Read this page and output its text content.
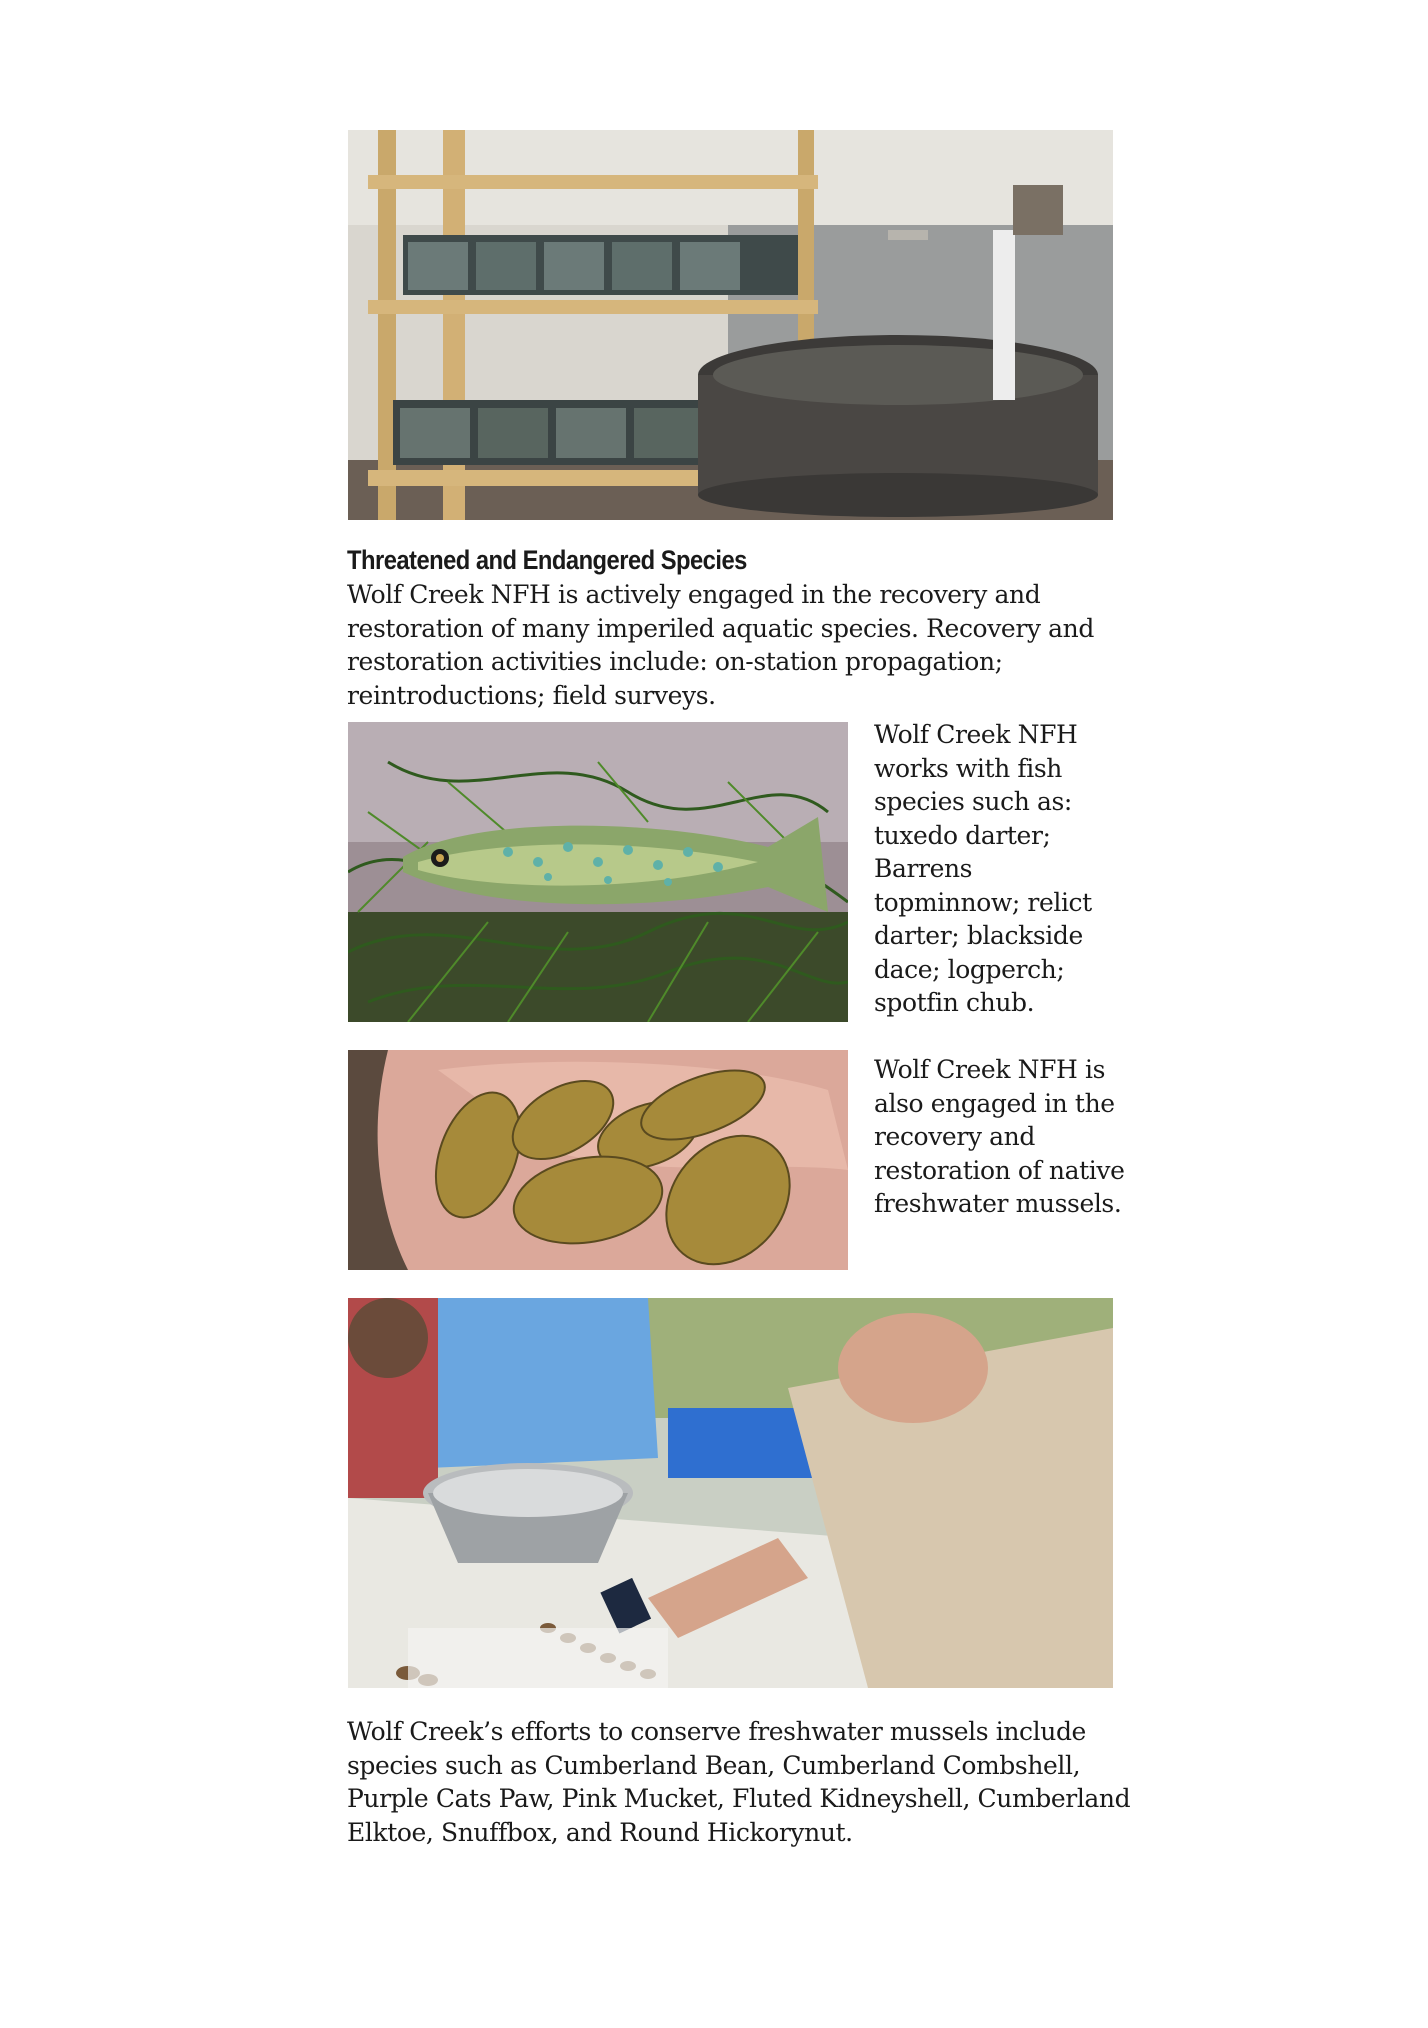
Threatened and Endangered Species

Wolf Creek NFH is actively engaged in the recovery and restoration of many imperiled aquatic species. Recovery and restoration activities include: on-station propagation; reintroductions; field surveys.

Wolf Creek NFH works with fish species such as: tuxedo darter; Barrens topminnow; relict darter; blackside dace; logperch; spotfin chub.

Wolf Creek NFH is also engaged in the recovery and restoration of native freshwater mussels.

Wolf Creek’s efforts to conserve freshwater mussels include species such as Cumberland Bean, Cumberland Combshell, Purple Cats Paw, Pink Mucket, Fluted Kidneyshell, Cumberland Elktoe, Snuffbox, and Round Hickorynut.
